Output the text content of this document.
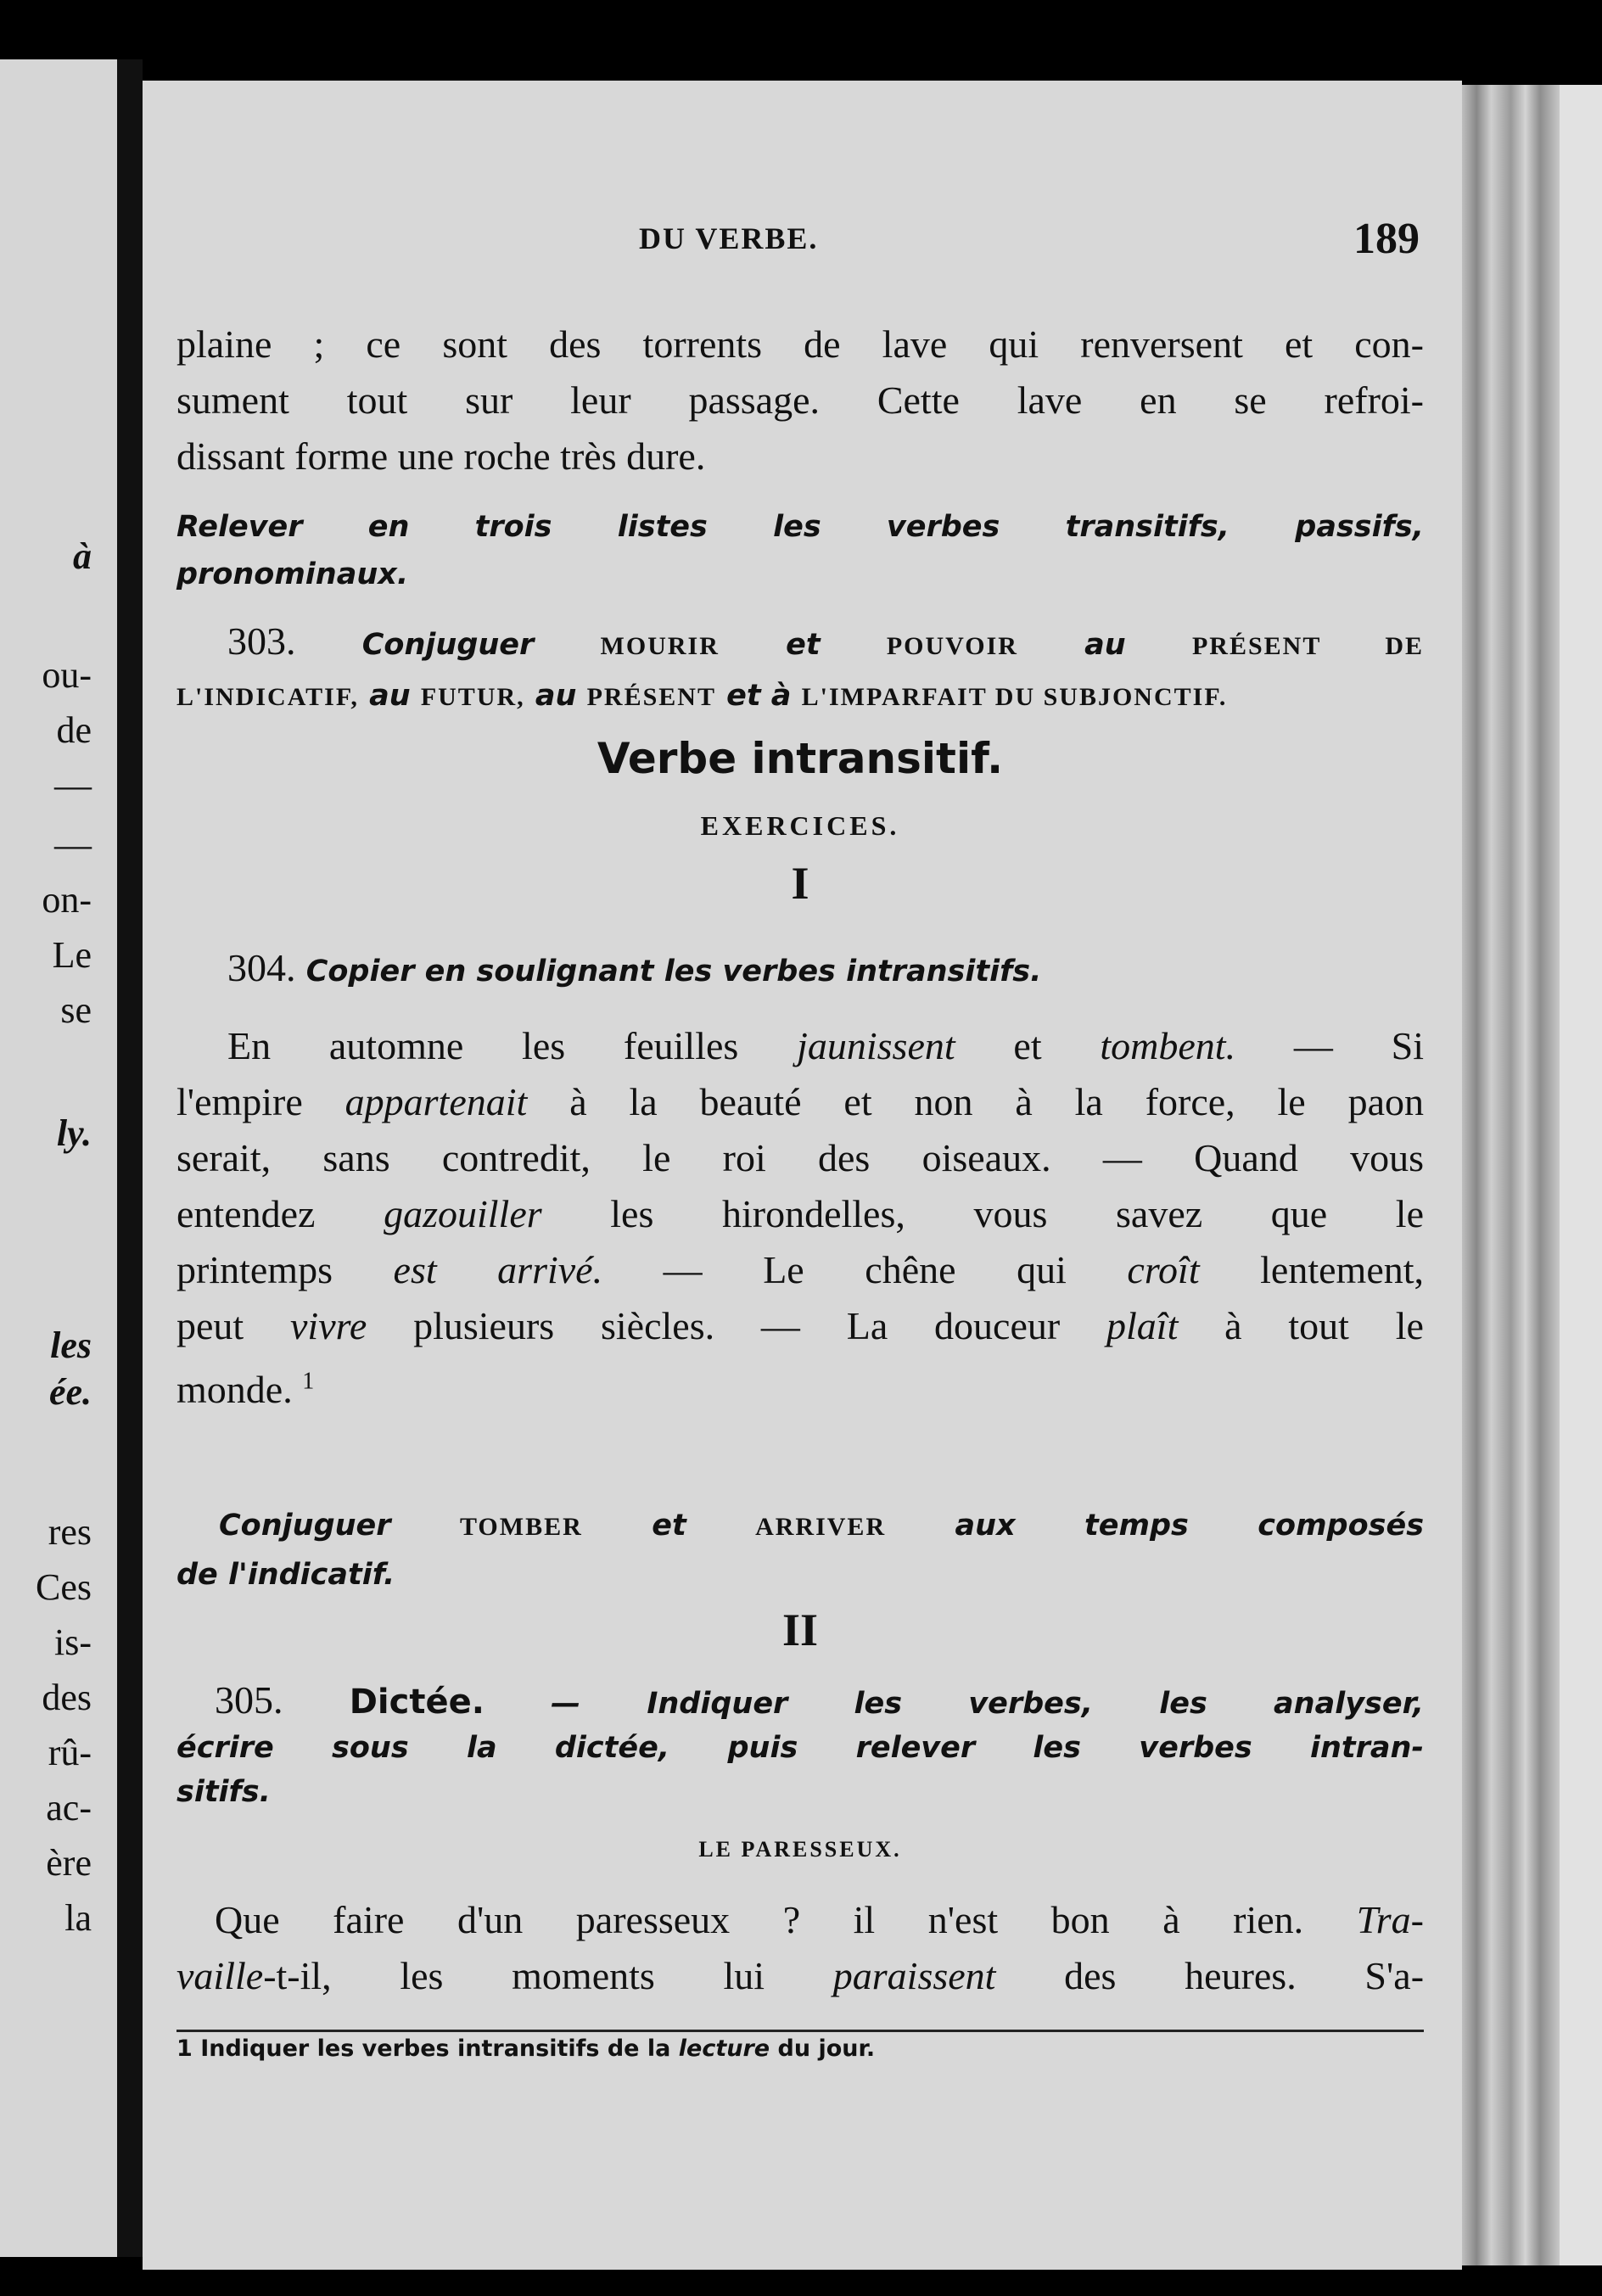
à
ou-
de
—
—
on-
Le
se
ly.
les
ée.
res
Ces
is-
des
rû-
ac-
ère
la
DU VERBE.	189
plaine ; ce sont des torrents de lave qui renversent et con-
sument tout sur leur passage. Cette lave en se refroi-
dissant forme une roche très dure.
Relever en trois listes les verbes transitifs, passifs,
pronominaux.
303. Conjuguer	MOURIR et	POUVOIR au	PRÉSENT DE
L'INDICATIF, au FUTUR, au PRÉSENT et à L'IMPARFAIT DU SUBJONCTIF.
Verbe intransitif.
EXERCICES.
I
304. Copier en soulignant les verbes intransitifs.
En automne les feuilles jaunissent et tombent. — Si
l'empire appartenait à la beauté et non à la force, le paon
serait, sans contredit, le roi des oiseaux. — Quand vous
entendez gazouiller les hirondelles, vous savez que le
printemps est arrivé. — Le chêne qui croît lentement,
peut vivre plusieurs siècles. — La douceur plaît à tout le
monde. $^1$
Conjuguer	TOMBER et	ARRIVER aux temps composés
de l'indicatif.
II
305. Dictée. — Indiquer les verbes, les analyser,
écrire sous la dictée, puis relever les verbes intran-
sitifs.
LE PARESSEUX.
Que faire d'un paresseux ? il n'est bon à rien. Tra-
vaille-t-il, les moments lui paraissent des heures. S'a-
1 Indiquer les verbes intransitifs de la lecture du jour.
